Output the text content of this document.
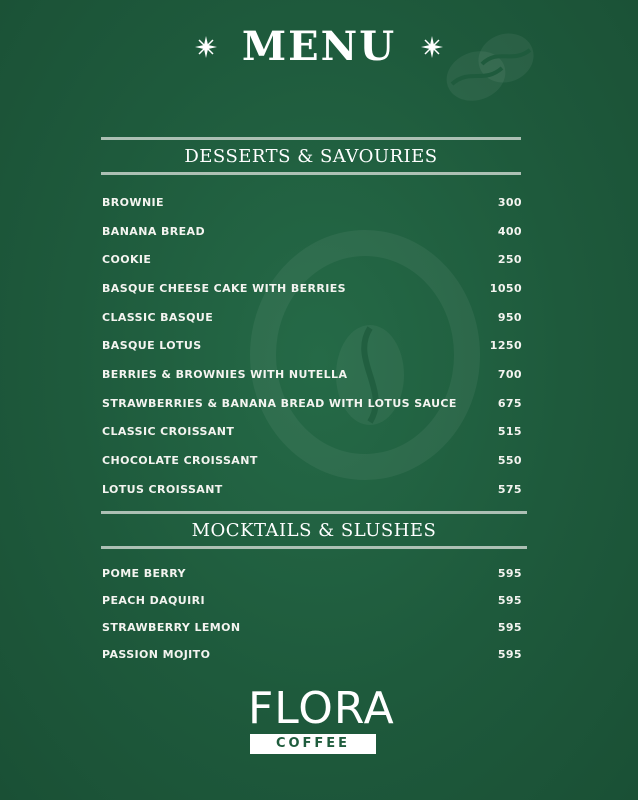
MENU
DESSERTS & SAVOURIES
BROWNIE	300
BANANA BREAD	400
COOKIE	250
BASQUE CHEESE CAKE WITH BERRIES	1050
CLASSIC BASQUE	950
BASQUE LOTUS	1250
BERRIES & BROWNIES WITH NUTELLA	700
STRAWBERRIES & BANANA BREAD WITH LOTUS SAUCE	675
CLASSIC CROISSANT	515
CHOCOLATE CROISSANT	550
LOTUS CROISSANT	575
MOCKTAILS & SLUSHES
POME BERRY	595
PEACH DAQUIRI	595
STRAWBERRY LEMON	595
PASSION MOJITO	595
FLORA
COFFEE
